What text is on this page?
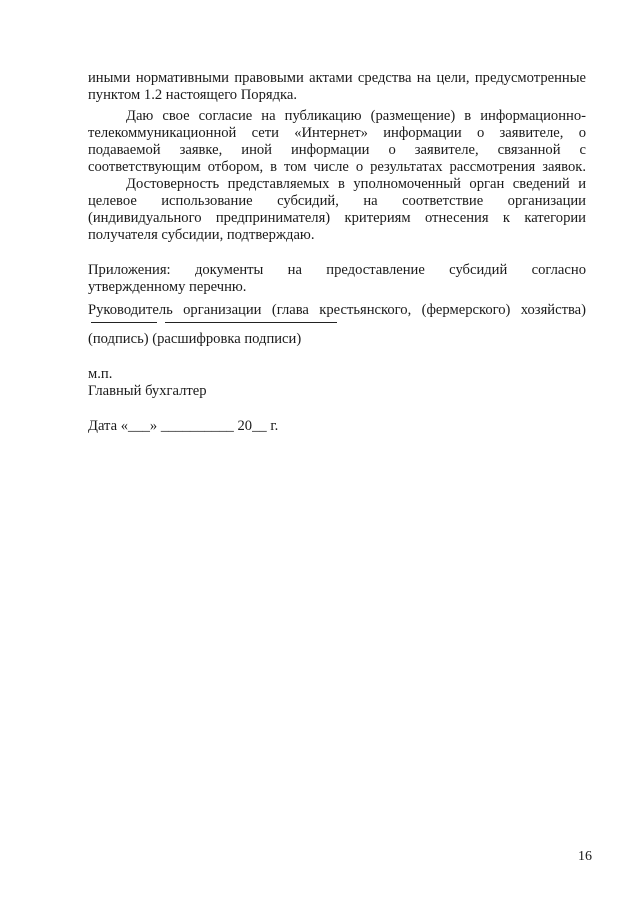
иными нормативными правовыми актами средства на цели, предусмотренные
пунктом 1.2 настоящего Порядка.

Даю свое согласие на публикацию (размещение) в информационно-
телекоммуникационной сети «Интернет» информации о заявителе, о
подаваемой заявке, иной информации о заявителе, связанной с
соответствующим отбором, в том числе о результатах рассмотрения заявок.

Достоверность представляемых в уполномоченный орган сведений и
целевое использование субсидий, на соответствие организации
(индивидуального предпринимателя) критериям отнесения к категории
получателя субсидии, подтверждаю.

Приложения: документы на предоставление субсидий согласно
утвержденному перечню.
Руководитель организации (глава крестьянского, (фермерского) хозяйства)

(подпись) (расшифровка подписи)
м.п.
Главный бухгалтер
Дата «___» __________ 20__ г.
16
